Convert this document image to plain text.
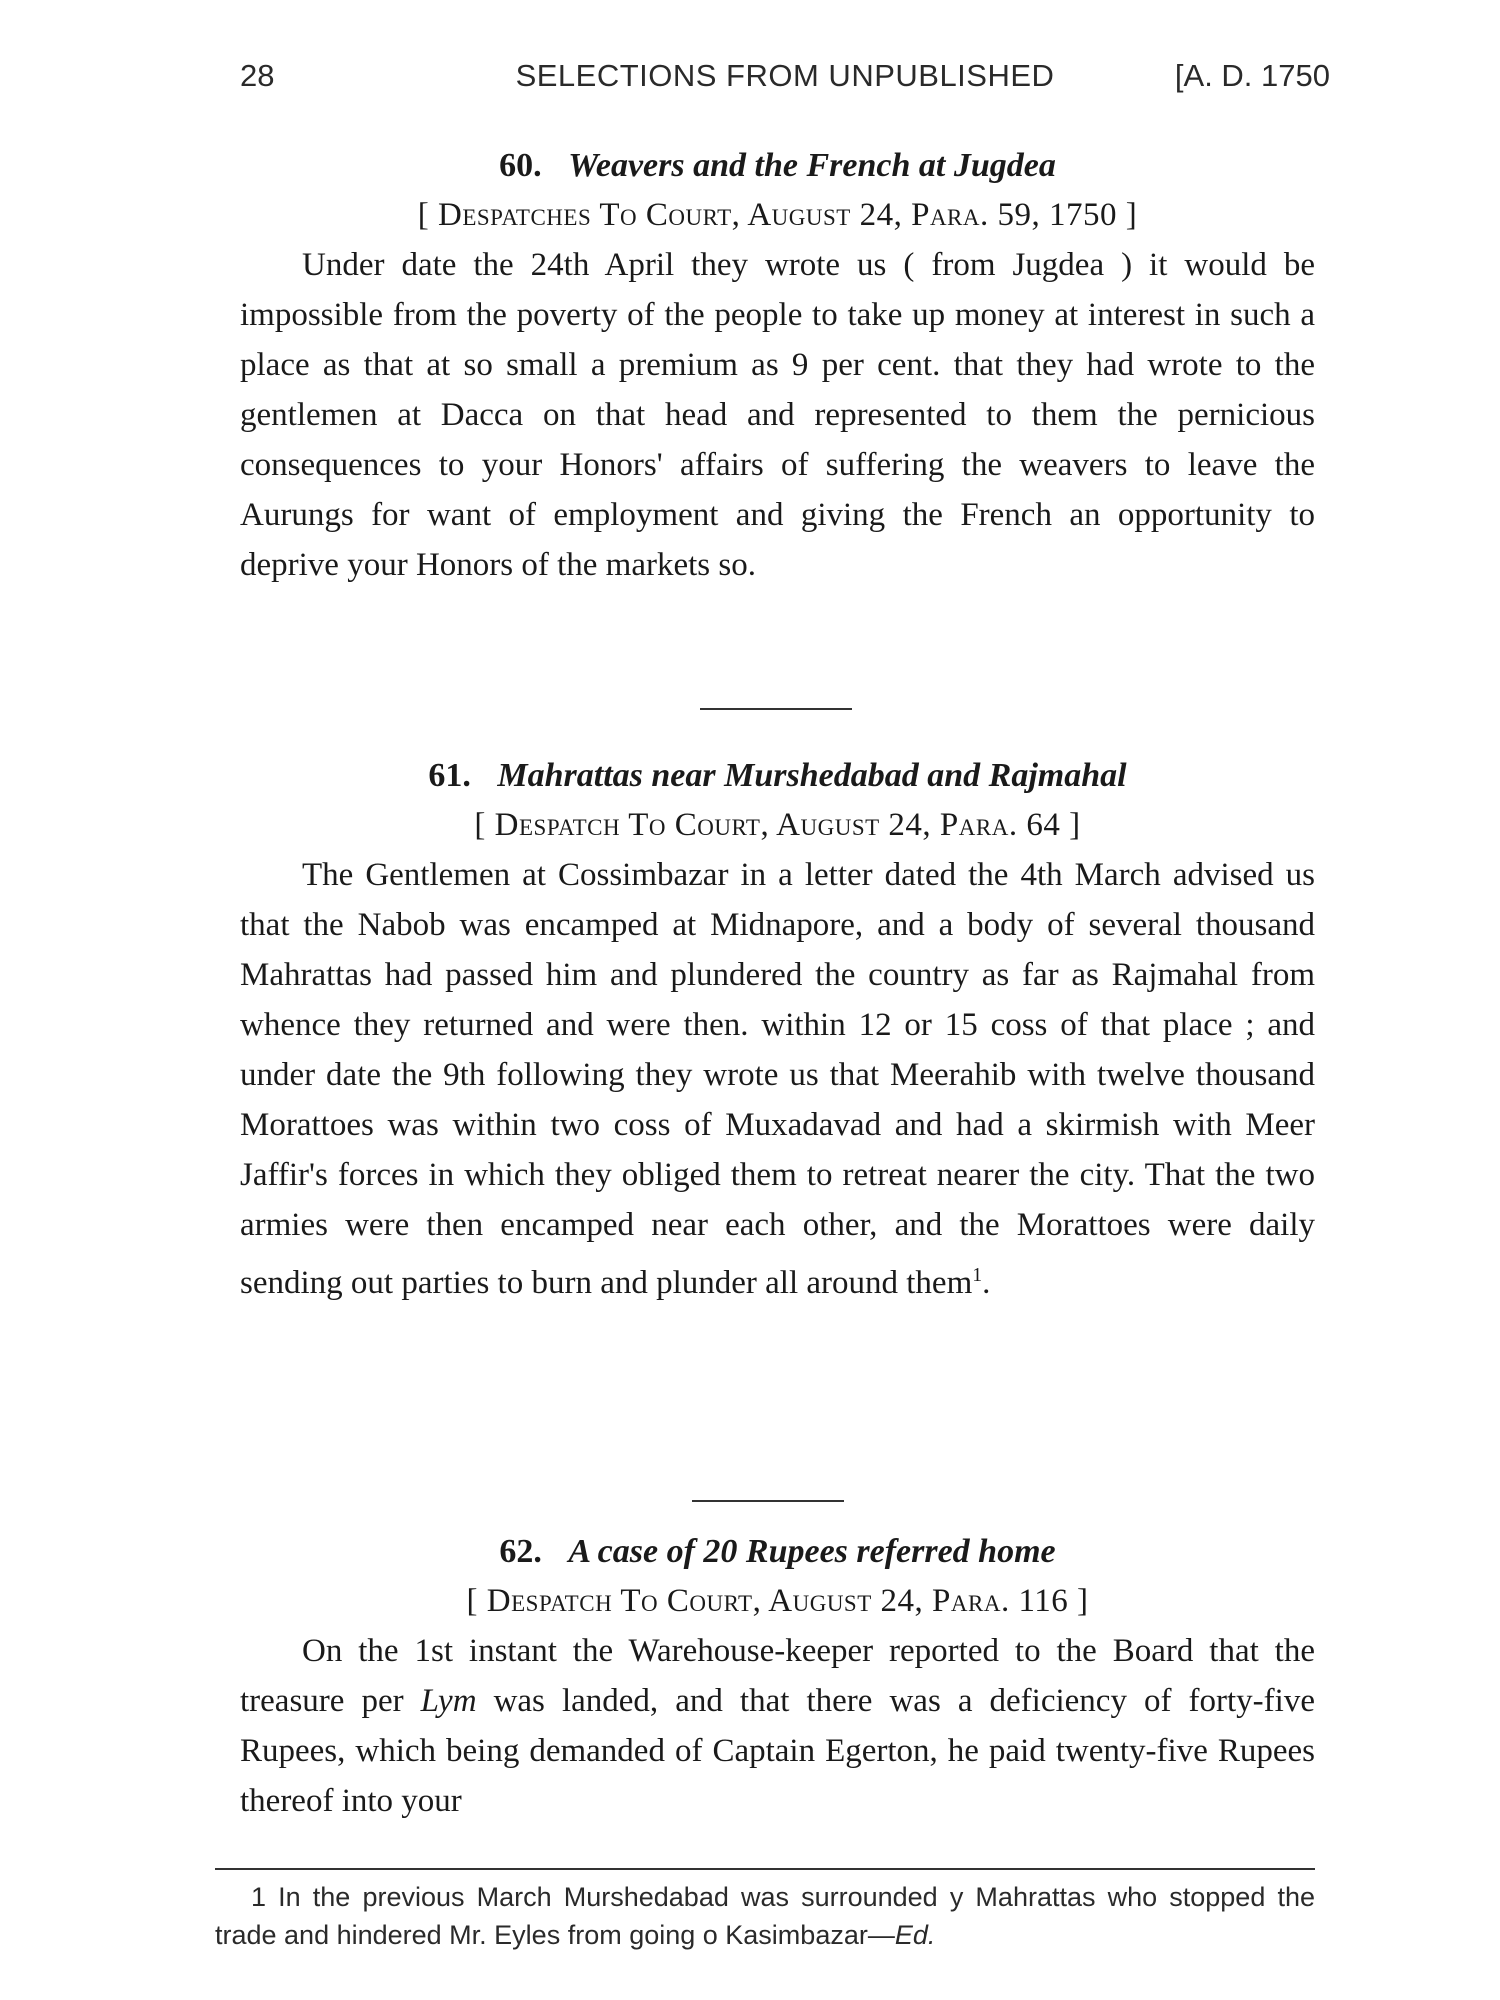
28	SELECTIONS FROM UNPUBLISHED	[A. D. 1750
60. Weavers and the French at Jugdea
[ Despatches To Court, August 24, Para. 59, 1750 ]

Under date the 24th April they wrote us ( from Jugdea ) it would be impossible from the poverty of the people to take up money at interest in such a place as that at so small a premium as 9 per cent. that they had wrote to the gentlemen at Dacca on that head and represented to them the pernicious consequences to your Honors' affairs of suffering the weavers to leave the Aurungs for want of employment and giving the French an opportunity to deprive your Honors of the markets so.

61. Mahrattas near Murshedabad and Rajmahal
[ Despatch To Court, August 24, Para. 64 ]

The Gentlemen at Cossimbazar in a letter dated the 4th March advised us that the Nabob was encamped at Midnapore, and a body of several thousand Mahrattas had passed him and plundered the country as far as Rajmahal from whence they returned and were then. within 12 or 15 coss of that place ; and under date the 9th following they wrote us that Meerahib with twelve thousand Morattoes was within two coss of Muxadavad and had a skirmish with Meer Jaffir's forces in which they obliged them to retreat nearer the city. That the two armies were then encamped near each other, and the Morattoes were daily sending out parties to burn and plunder all around them$^1$.

62. A case of 20 Rupees referred home
[ Despatch To Court, August 24, Para. 116 ]

On the 1st instant the Warehouse-keeper reported to the Board that the treasure per Lym was landed, and that there was a deficiency of forty-five Rupees, which being demanded of Captain Egerton, he paid twenty-five Rupees thereof into your

1 In the previous March Murshedabad was surrounded y Mahrattas who stopped the trade and hindered Mr. Eyles from going o Kasimbazar—Ed.
